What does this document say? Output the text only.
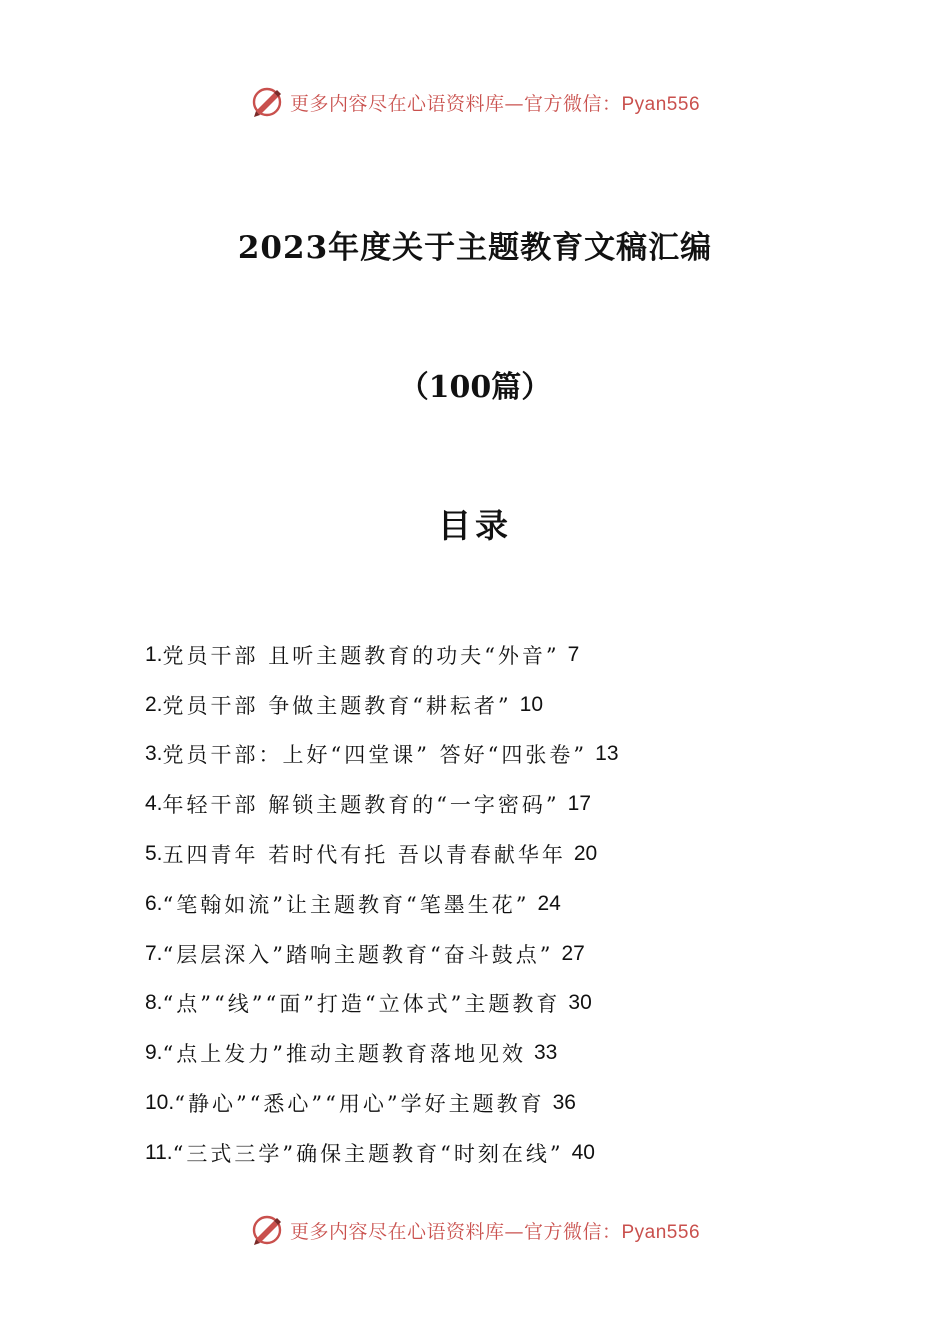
更多内容尽在心语资料库—官方微信：Pyan556
2023年度关于主题教育文稿汇编
（100篇）
目录
1. 党员干部 且听主题教育的功夫“外音” 7
2. 党员干部 争做主题教育“耕耘者” 10
3. 党员干部：上好“四堂课” 答好“四张卷” 13
4. 年轻干部 解锁主题教育的“一字密码” 17
5. 五四青年 若时代有托 吾以青春献华年 20
6. “笔翰如流”让主题教育“笔墨生花” 24
7. “层层深入”踏响主题教育“奋斗鼓点” 27
8. “点”“线”“面”打造“立体式”主题教育 30
9. “点上发力”推动主题教育落地见效 33
10. “静心”“悉心”“用心”学好主题教育 36
11. “三式三学”确保主题教育“时刻在线” 40
更多内容尽在心语资料库—官方微信：Pyan556
